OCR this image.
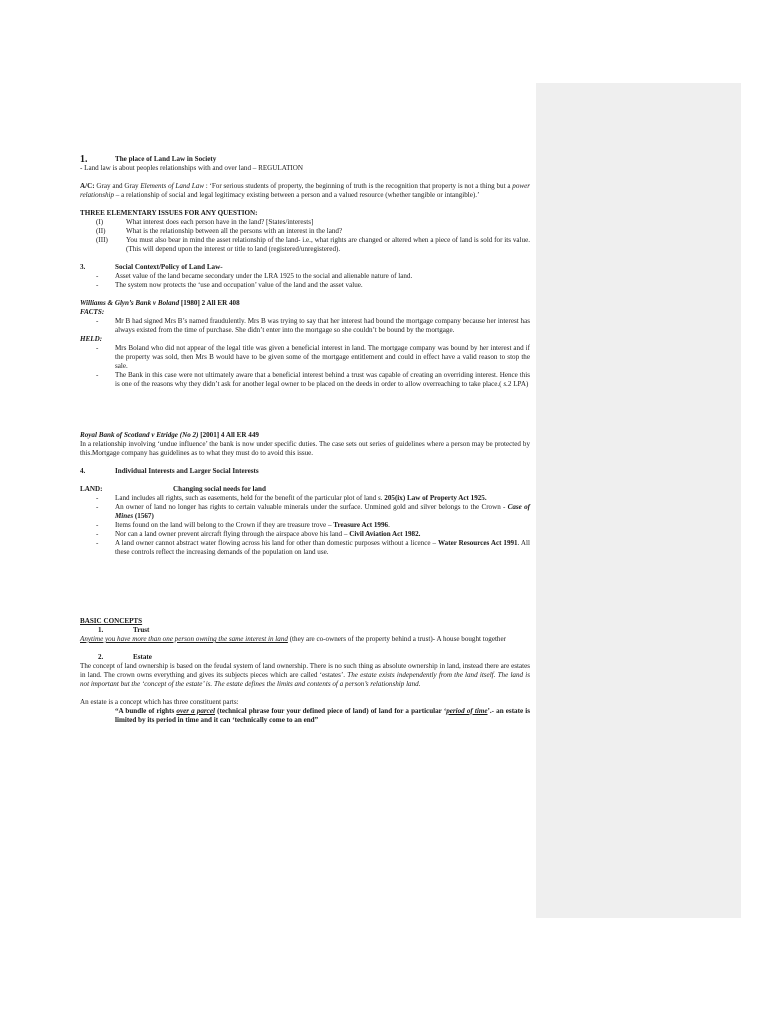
1.	The place of Land Law in Society

- Land law is about peoples relationships with and over land – REGULATION

A/C: Gray and Gray Elements of Land Law : ‘For serious students of property, the beginning of truth is the recognition that property is not a thing but a power relationship – a relationship of social and legal legitimacy existing between a person and a valued resource (whether tangible or intangible).’

THREE ELEMENTARY ISSUES FOR ANY QUESTION:

(I)	What interest does each person have in the land? [States/interests]
(II)	What is the relationship between all the persons with an interest in the land?
(III)	You must also bear in mind the asset relationship of the land- i.e., what rights are changed or altered when a piece of land is sold for its value. (This will depend upon the interest or title to land (registered/unregistered).
3.	Social Context/Policy of Land Law-
-	Asset value of the land became secondary under the LRA 1925 to the social and alienable nature of land.
-	The system now protects the ‘use and occupation’ value of the land and the asset value.

Williams & Glyn’s Bank v Boland [1980] 2 All ER 408

FACTS:

-	Mr B had signed Mrs B’s named fraudulently. Mrs B was trying to say that her interest had bound the mortgage company because her interest has always existed from the time of purchase. She didn’t enter into the mortgage so she couldn’t be bound by the mortgage.

HELD:

-	Mrs Boland who did not appear of the legal title was given a beneficial interest in land. The mortgage company was bound by her interest and if the property was sold, then Mrs B would have to be given some of the mortgage entitlement and could in effect have a valid reason to stop the sale.
-	The Bank in this case were not ultimately aware that a beneficial interest behind a trust was capable of creating an overriding interest. Hence this is one of the reasons why they didn’t ask for another legal owner to be placed on the deeds in order to allow overreaching to take place.( s.2 LPA)

Royal Bank of Scotland v Etridge (No 2) [2001] 4 All ER 449

In a relationship involving ‘undue influence’ the bank is now under specific duties. The case sets out series of guidelines where a person may be protected by this.Mortgage company has guidelines as to what they must do to avoid this issue.

4.	Individual Interests and Larger Social Interests
LAND:	Changing social needs for land
-	Land includes all rights, such as easements, held for the benefit of the particular plot of land s. 205(ix) Law of Property Act 1925.
-	An owner of land no longer has rights to certain valuable minerals under the surface. Unmined gold and silver belongs to the Crown - Case of Mines (1567)
-	Items found on the land will belong to the Crown if they are treasure trove – Treasure Act 1996.
-	Nor can a land owner prevent aircraft flying through the airspace above his land – Civil Aviation Act 1982.
-	A land owner cannot abstract water flowing across his land for other than domestic purposes without a licence – Water Resources Act 1991. All these controls reflect the increasing demands of the population on land use.

BASIC CONCEPTS

1.	Trust

Anytime you have more than one person owning the same interest in land (they are co-owners of the property behind a trust)- A house bought together

2.	Estate

The concept of land ownership is based on the feudal system of land ownership. There is no such thing as absolute ownership in land, instead there are estates in land. The crown owns everything and gives its subjects pieces which are called ‘estates’. The estate exists independently from the land itself. The land is not important but the ‘concept of the estate’ is. The estate defines the limits and contents of a person’s relationship land.

An estate is a concept which has three constituent parts:

“A bundle of rights over a parcel (technical phrase four your defined piece of land) of land for a particular ‘period of time’.- an estate is limited by its period in time and it can ‘technically come to an end”
